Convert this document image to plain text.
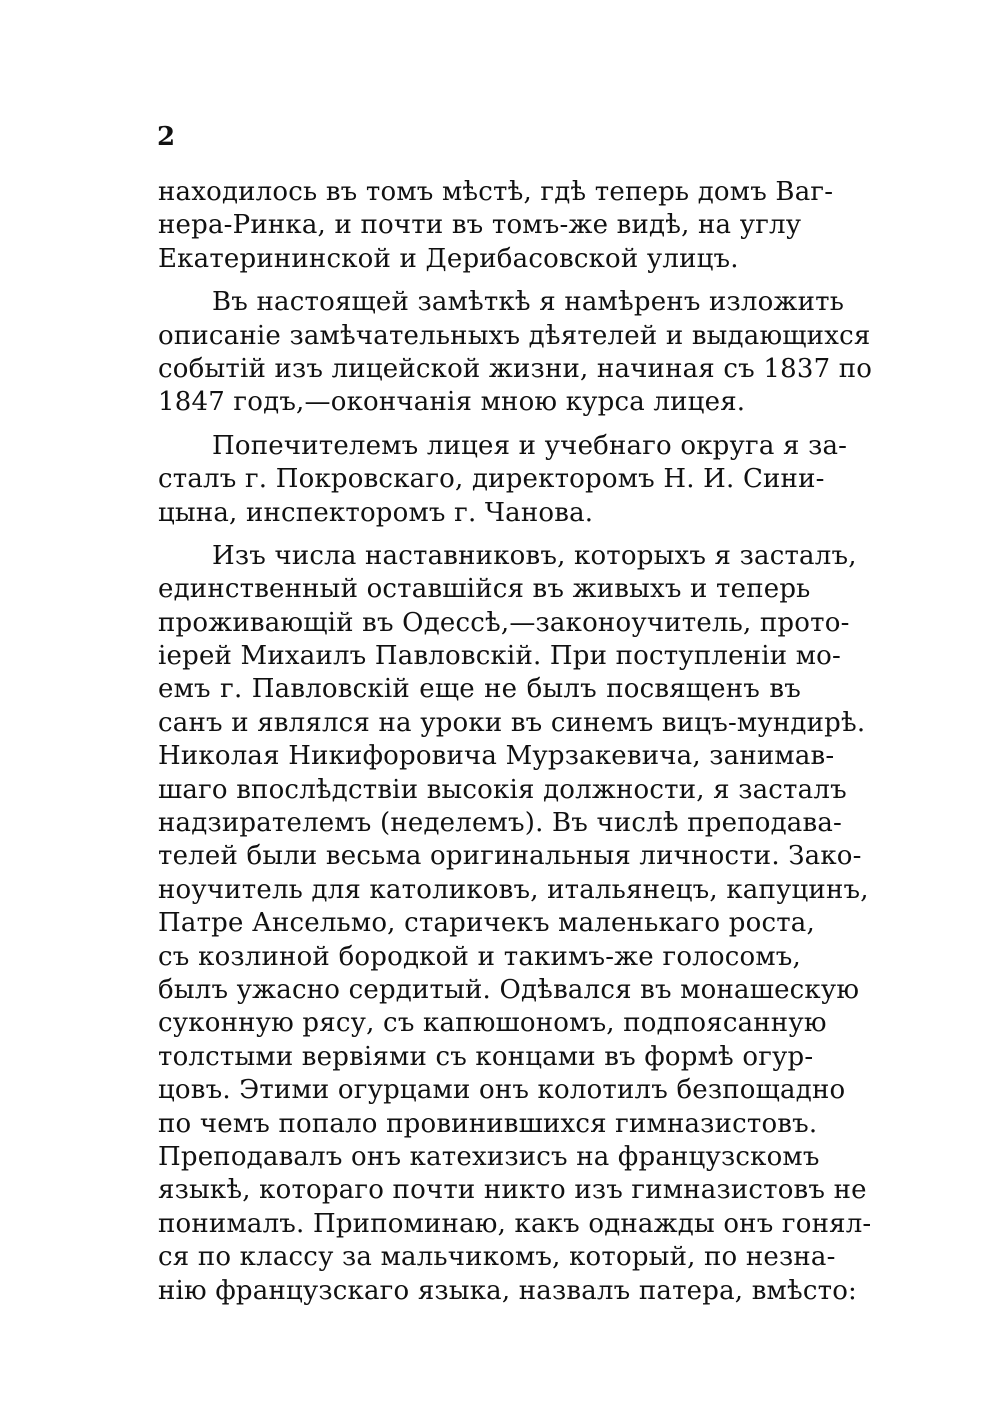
2
находилось въ томъ мѣстѣ, гдѣ теперь домъ Ваг-
нера-Ринка, и почти въ томъ-же видѣ, на углу
Екатерининской и Дерибасовской улицъ.
Въ настоящей замѣткѣ я намѣренъ изложить
описаніе замѣчательныхъ дѣятелей и выдающихся
событій изъ лицейской жизни, начиная съ 1837 по
1847 годъ,—окончанія мною курса лицея.
Попечителемъ лицея и учебнаго округа я за-
сталъ г. Покровскаго, директоромъ Н. И. Сини-
цына, инспекторомъ г. Чанова.
Изъ числа наставниковъ, которыхъ я засталъ,
единственный оставшійся въ живыхъ и теперь
проживающій въ Одессѣ,—законоучитель, прото-
іерей Михаилъ Павловскій. При поступленіи мо-
емъ г. Павловскій еще не былъ посвященъ въ
санъ и являлся на уроки въ синемъ вицъ-мундирѣ.
Николая Никифоровича Мурзакевича, занимав-
шаго впослѣдствіи высокія должности, я засталъ
надзирателемъ (неделемъ). Въ числѣ преподава-
телей были весьма оригинальныя личности. Зако-
ноучитель для католиковъ, итальянецъ, капуцинъ,
Патре Ансельмо, старичекъ маленькаго роста,
съ козлиной бородкой и такимъ-же голосомъ,
былъ ужасно сердитый. Одѣвался въ монашескую
суконную рясу, съ капюшономъ, подпоясанную
толстыми вервіями съ концами въ формѣ огур-
цовъ. Этими огурцами онъ колотилъ безпощадно
по чемъ попало провинившихся гимназистовъ.
Преподавалъ онъ катехизисъ на французскомъ
языкѣ, котораго почти никто изъ гимназистовъ не
понималъ. Припоминаю, какъ однажды онъ гонял-
ся по классу за мальчикомъ, который, по незна-
нію французскаго языка, назвалъ патера, вмѣсто:
